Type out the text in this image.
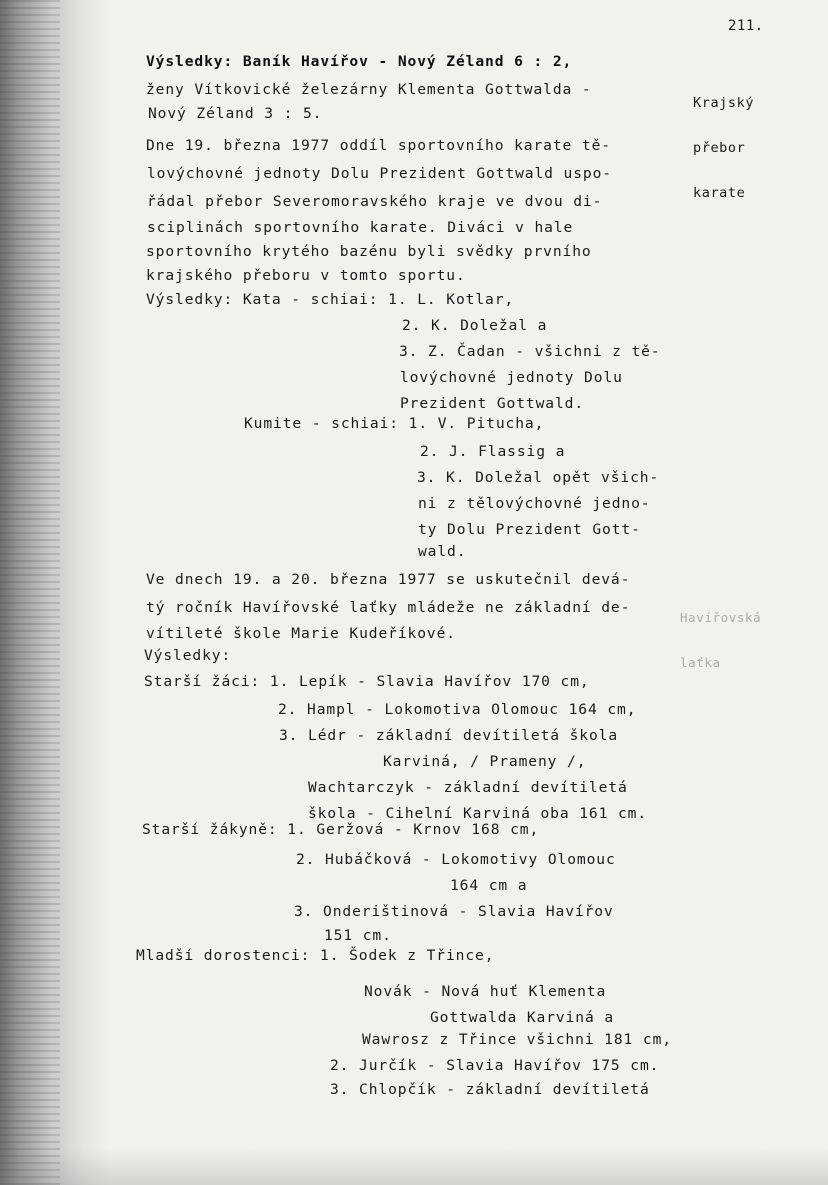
211.

Krajský

přebor

karate

Havířovská

laťka

Výsledky: Baník Havířov - Nový Zéland 6 : 2,
ženy Vítkovické železárny Klementa Gottwalda -
Nový Zéland 3 : 5.
Dne 19. března 1977 oddíl sportovního karate tě-
lovýchovné jednoty Dolu Prezident Gottwald uspo-
řádal přebor Severomoravského kraje ve dvou di-
sciplinách sportovního karate. Diváci v hale
sportovního krytého bazénu byli svědky prvního
krajského přeboru v tomto sportu.
Výsledky: Kata - schiai: 1. L. Kotlar,
2. K. Doležal a
3. Z. Čadan - všichni z tě-
lovýchovné jednoty Dolu
Prezident Gottwald.
Kumite - schiai: 1. V. Pitucha,
2. J. Flassig a
3. K. Doležal opět všich-
ni z tělovýchovné jedno-
ty Dolu Prezident Gott-
wald.
Ve dnech 19. a 20. března 1977 se uskutečnil devá-
tý ročník Havířovské laťky mládeže ne základní de-
vítileté škole Marie Kudeříkové.
Výsledky:
Starší žáci: 1. Lepík - Slavia Havířov 170 cm,
2. Hampl - Lokomotiva Olomouc 164 cm,
3. Lédr - základní devítiletá škola
Karviná, / Prameny /,
Wachtarczyk - základní devítiletá
škola - Cihelní Karviná oba 161 cm.
Starší žákyně: 1. Geržová - Krnov 168 cm,
2. Hubáčková - Lokomotivy Olomouc
164 cm a
3. Onderištinová - Slavia Havířov
151 cm.
Mladší dorostenci: 1. Šodek z Třince,
Novák - Nová huť Klementa
Gottwalda Karviná a
Wawrosz z Třince všichni 181 cm,
2. Jurčík - Slavia Havířov 175 cm.
3. Chlopčík - základní devítiletá
